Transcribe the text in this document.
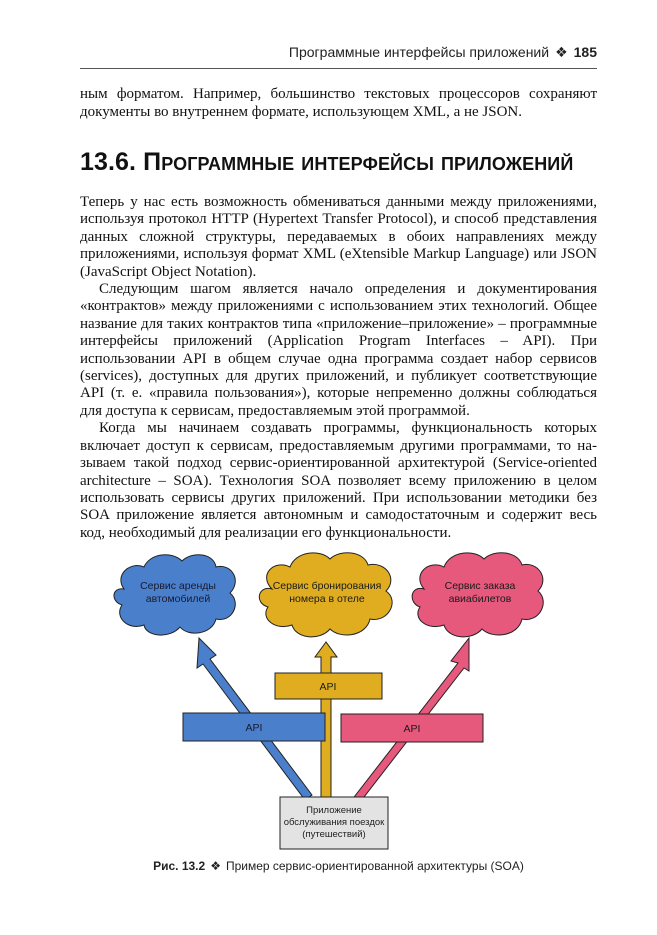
Программные интерфейсы приложений ❖ 185

ным форматом. Например, большинство текстовых процессоров сохраняют документы во внутреннем формате, использующем XML, а не JSON.

13.6. Программные интерфейсы приложений

Теперь у нас есть возможность обмениваться данными между приложениями, используя протокол HTTP (Hypertext Transfer Protocol), и способ представления данных сложной структуры, передаваемых в обоих направлениях между приложениями, используя формат XML (eXtensible Markup Language) или JSON (JavaScript Object Notation).

Следующим шагом является начало определения и документирования «контрактов» между приложениями с использованием этих технологий. Общее название для таких контрактов типа «приложение–приложение» – программные интерфейсы приложений (Application Program Interfaces – API). При использовании API в общем случае одна программа создает набор сервисов (services), доступных для других приложений, и публикует соответствующие API (т. е. «правила пользования»), которые непременно должны соблюдаться для доступа к сервисам, предоставляемым этой программой.

Когда мы начинаем создавать программы, функциональность которых включает доступ к сервисам, предоставляемым другими программами, то называем такой подход сервис-ориентированной архитектурой (Service-oriented architecture – SOA). Технология SOA позволяет всему приложению в целом использовать сервисы других приложений. При использовании методики без SOA приложение является автономным и самодостаточным и содержит весь код, необходимый для реализации его функциональности.

Сервис аренды
автомобилей
Сервис бронирования
номера в отеле
Сервис заказа
авиабилетов
API
API
API
Приложение
обслуживания поездок
(путешествий)

Рис. 13.2 ❖ Пример сервис-ориентированной архитектуры (SOA)
